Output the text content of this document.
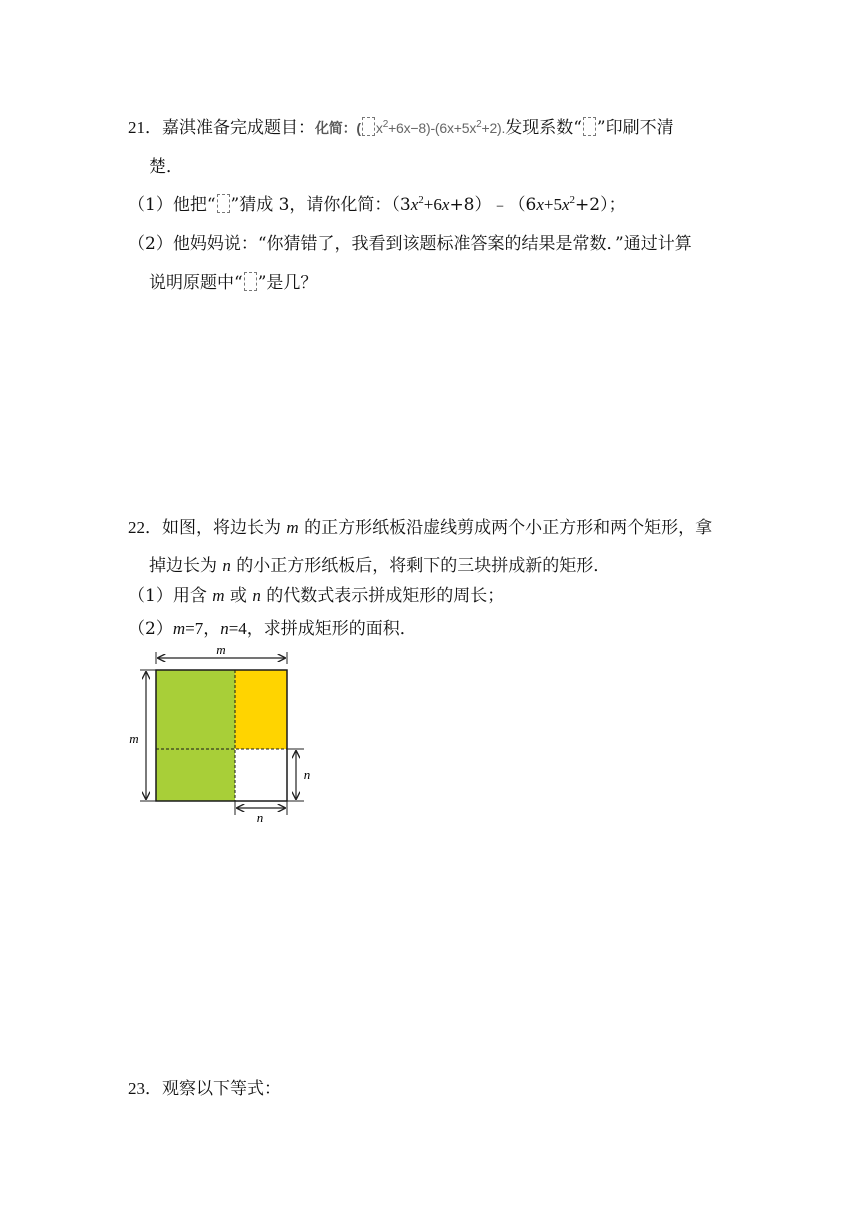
21．嘉淇准备完成题目：化简：( $x^2+6x-8)-(6x+5x^2+2)$.发现系数“ ”印刷不清
楚．
（1）他把“ ”猜成 3，请你化简：$(3x^2+6x+8)﹣(6x+5x^2+2)$；
（2）他妈妈说：“你猜错了，我看到该题标准答案的结果是常数．”通过计算
说明原题中“ ”是几？
22．如图，将边长为 m 的正方形纸板沿虚线剪成两个小正方形和两个矩形，拿
掉边长为 n 的小正方形纸板后，将剩下的三块拼成新的矩形．
（1）用含 m 或 n 的代数式表示拼成矩形的周长；
（2）m=7，n=4，求拼成矩形的面积．
m
m
n
n
23．观察以下等式：
